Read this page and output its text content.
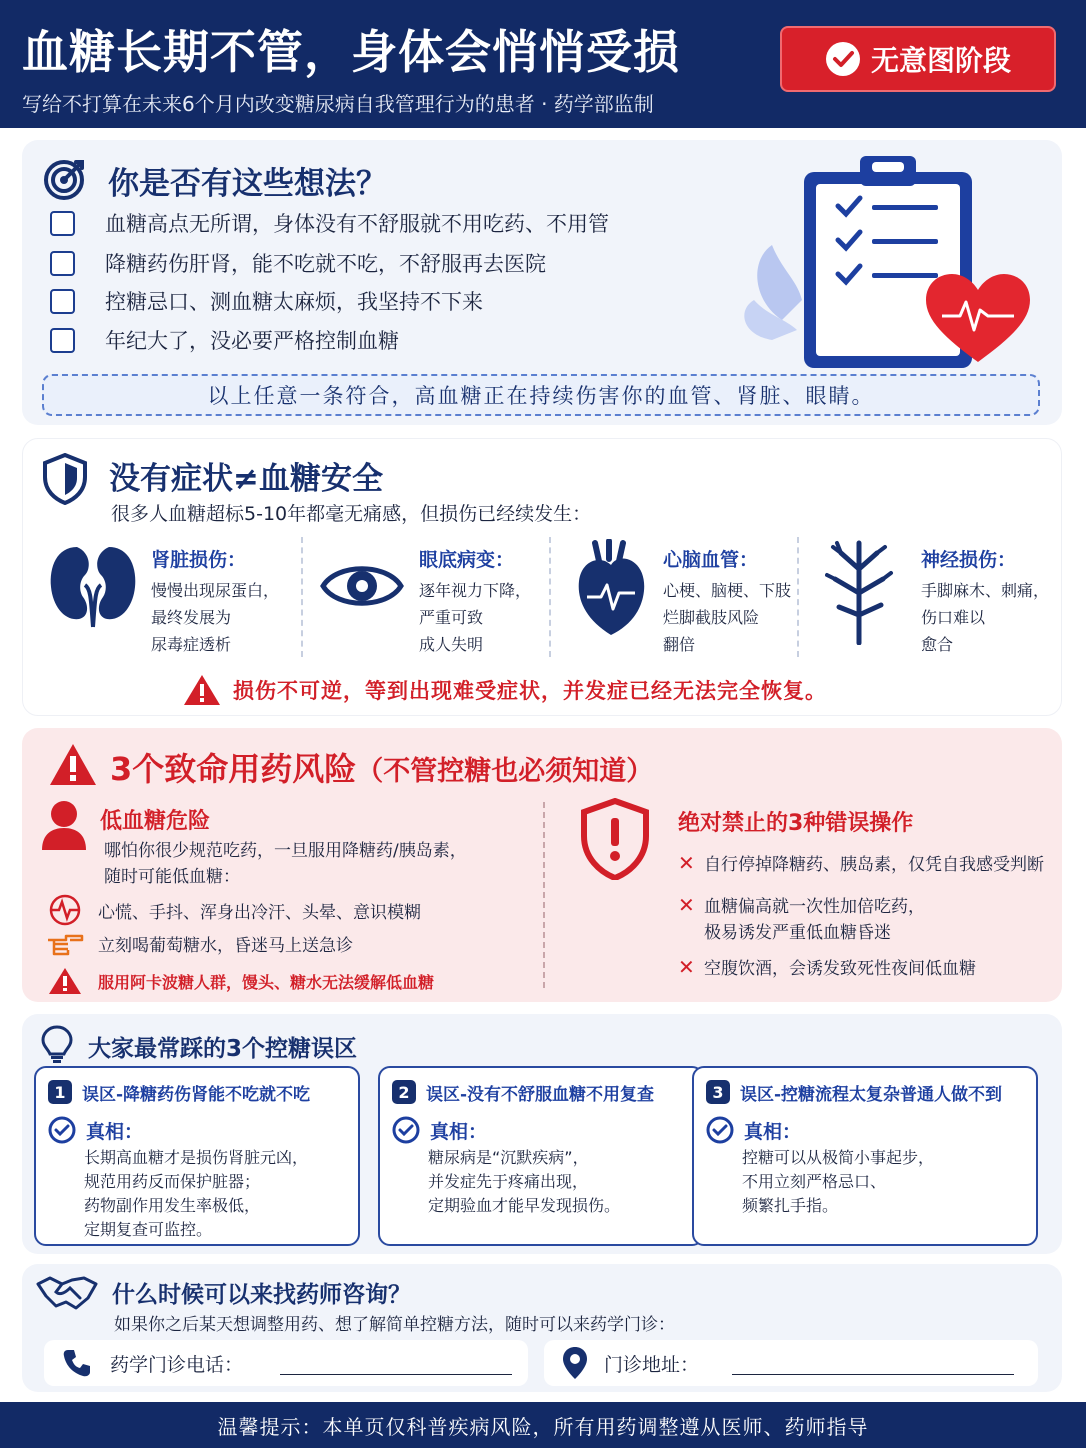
血糖长期不管，身体会悄悄受损
写给不打算在未来6个月内改变糖尿病自我管理行为的患者 · 药学部监制
无意图阶段
你是否有这些想法？
血糖高点无所谓，身体没有不舒服就不用吃药、不用管
降糖药伤肝肾，能不吃就不吃，不舒服再去医院
控糖忌口、测血糖太麻烦，我坚持不下来
年纪大了，没必要严格控制血糖
以上任意一条符合，高血糖正在持续伤害你的血管、肾脏、眼睛。
没有症状≠血糖安全
很多人血糖超标5-10年都毫无痛感，但损伤已经续发生：
肾脏损伤：
慢慢出现尿蛋白，
最终发展为
尿毒症透析
眼底病变：
逐年视力下降，
严重可致
成人失明
心脑血管：
心梗、脑梗、下肢
烂脚截肢风险
翻倍
神经损伤：
手脚麻木、刺痛，
伤口难以
愈合
损伤不可逆，等到出现难受症状，并发症已经无法完全恢复。
3个致命用药风险（不管控糖也必须知道）
低血糖危险
哪怕你很少规范吃药，一旦服用降糖药/胰岛素，
随时可能低血糖：
心慌、手抖、浑身出冷汗、头晕、意识模糊
立刻喝葡萄糖水，昏迷马上送急诊
服用阿卡波糖人群，馒头、糖水无法缓解低血糖
绝对禁止的3种错误操作
✕ 自行停掉降糖药、胰岛素，仅凭自我感受判断
✕ 血糖偏高就一次性加倍吃药，
极易诱发严重低血糖昏迷
✕ 空腹饮酒，会诱发致死性夜间低血糖
大家最常踩的3个控糖误区
1 误区-降糖药伤肾能不吃就不吃
真相：
长期高血糖才是损伤肾脏元凶，
规范用药反而保护脏器；
药物副作用发生率极低，
定期复查可监控。
2 误区-没有不舒服血糖不用复查
真相：
糖尿病是“沉默疾病”，
并发症先于疼痛出现，
定期验血才能早发现损伤。
3 误区-控糖流程太复杂普通人做不到
真相：
控糖可以从极简小事起步，
不用立刻严格忌口、
频繁扎手指。
什么时候可以来找药师咨询？
如果你之后某天想调整用药、想了解简单控糖方法，随时可以来药学门诊：
药学门诊电话：	门诊地址：
温馨提示：本单页仅科普疾病风险，所有用药调整遵从医师、药师指导
